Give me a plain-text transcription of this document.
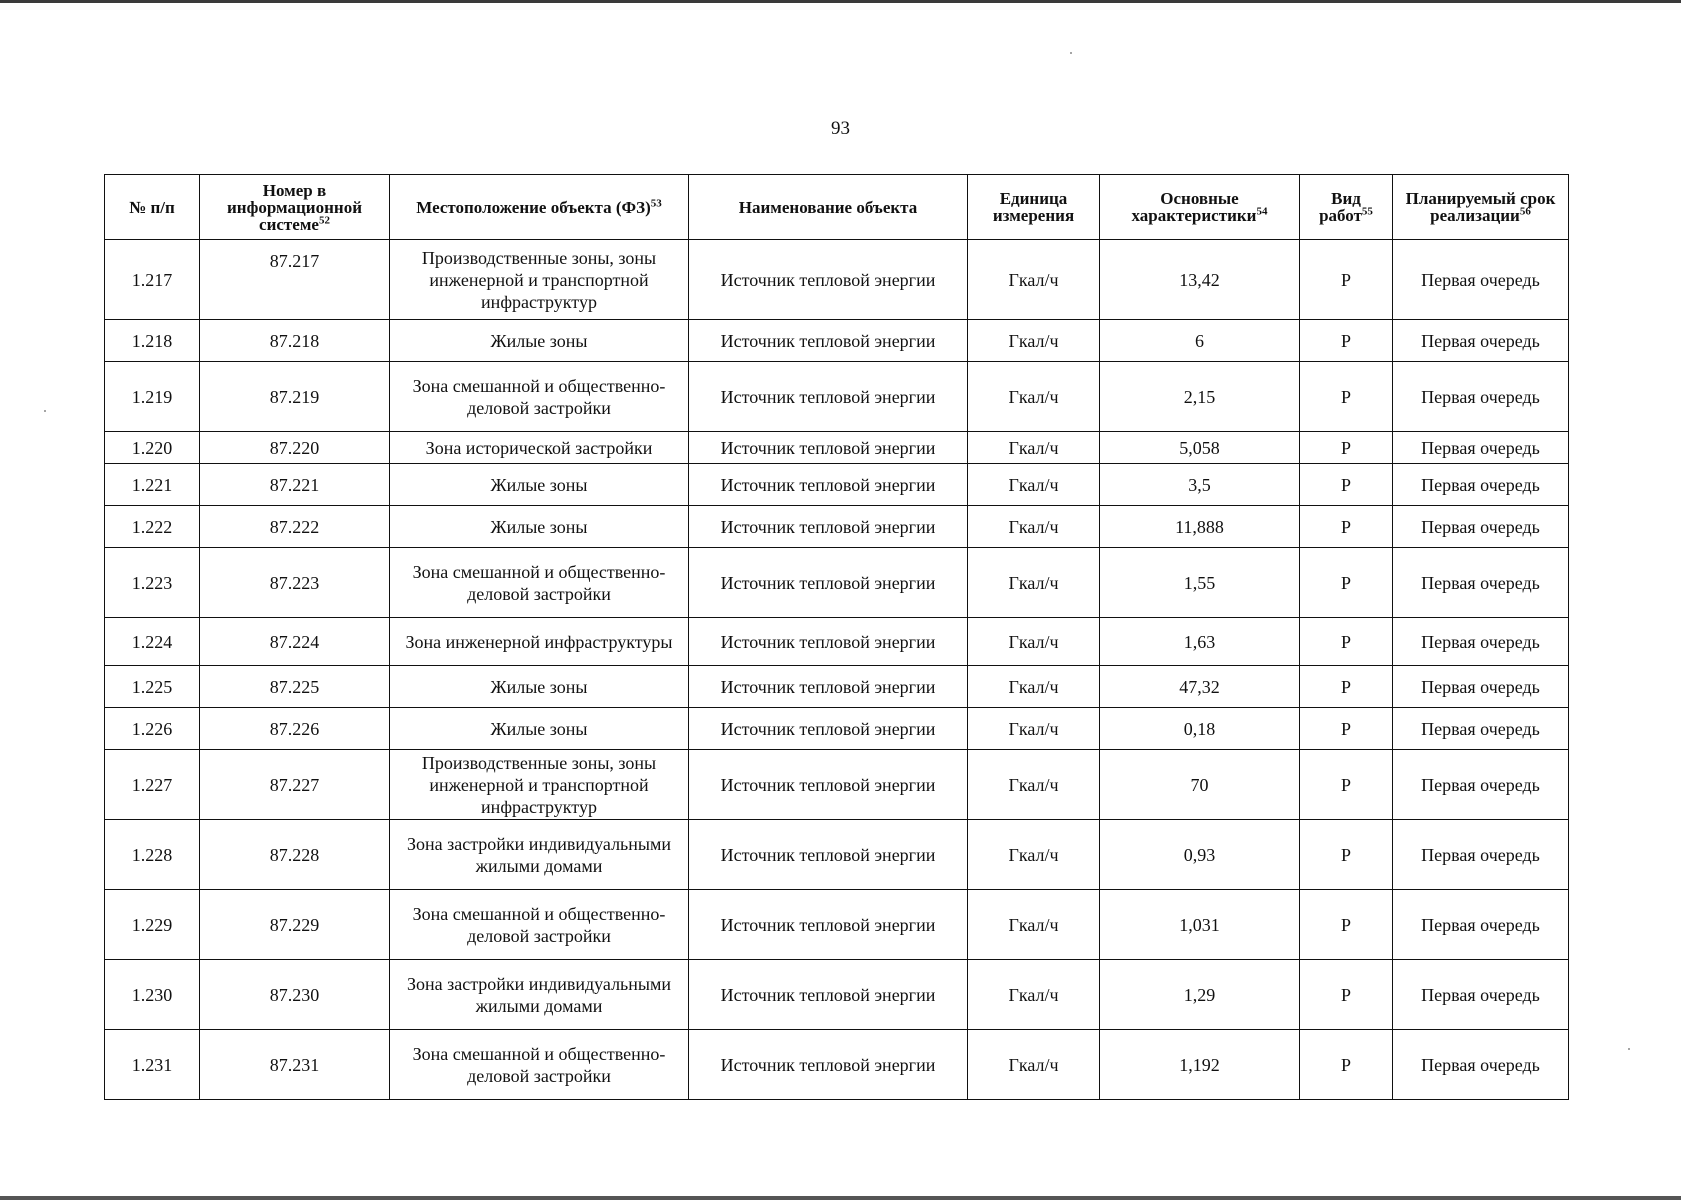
93
№ п/п	Номер в информационной системе$^{52}$	Местоположение объекта (ФЗ)$^{53}$	Наименование объекта	Единица измерения	Основные характеристики$^{54}$	Вид работ$^{55}$	Планируемый срок реализации$^{56}$
1.217	87.217	Производственные зоны, зоны инженерной и транспортной инфраструктур	Источник тепловой энергии	Гкал/ч	13,42	Р	Первая очередь
1.218	87.218	Жилые зоны	Источник тепловой энергии	Гкал/ч	6	Р	Первая очередь
1.219	87.219	Зона смешанной и общественно-деловой застройки	Источник тепловой энергии	Гкал/ч	2,15	Р	Первая очередь
1.220	87.220	Зона исторической застройки	Источник тепловой энергии	Гкал/ч	5,058	Р	Первая очередь
1.221	87.221	Жилые зоны	Источник тепловой энергии	Гкал/ч	3,5	Р	Первая очередь
1.222	87.222	Жилые зоны	Источник тепловой энергии	Гкал/ч	11,888	Р	Первая очередь
1.223	87.223	Зона смешанной и общественно-деловой застройки	Источник тепловой энергии	Гкал/ч	1,55	Р	Первая очередь
1.224	87.224	Зона инженерной инфраструктуры	Источник тепловой энергии	Гкал/ч	1,63	Р	Первая очередь
1.225	87.225	Жилые зоны	Источник тепловой энергии	Гкал/ч	47,32	Р	Первая очередь
1.226	87.226	Жилые зоны	Источник тепловой энергии	Гкал/ч	0,18	Р	Первая очередь
1.227	87.227	Производственные зоны, зоны инженерной и транспортной инфраструктур	Источник тепловой энергии	Гкал/ч	70	Р	Первая очередь
1.228	87.228	Зона застройки индивидуальными жилыми домами	Источник тепловой энергии	Гкал/ч	0,93	Р	Первая очередь
1.229	87.229	Зона смешанной и общественно-деловой застройки	Источник тепловой энергии	Гкал/ч	1,031	Р	Первая очередь
1.230	87.230	Зона застройки индивидуальными жилыми домами	Источник тепловой энергии	Гкал/ч	1,29	Р	Первая очередь
1.231	87.231	Зона смешанной и общественно-деловой застройки	Источник тепловой энергии	Гкал/ч	1,192	Р	Первая очередь
